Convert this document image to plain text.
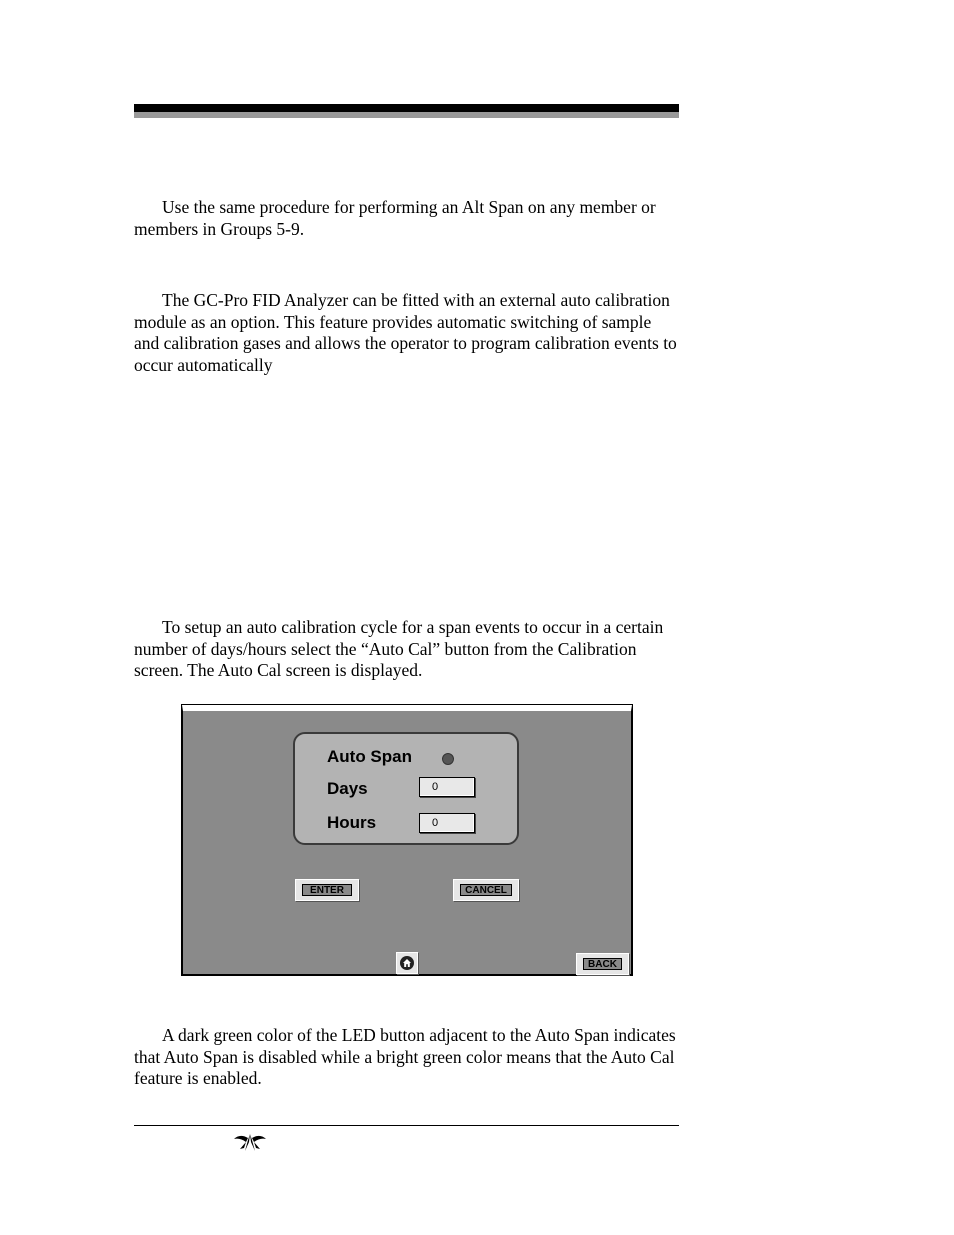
Use the same procedure for performing an Alt Span on any member or members in Groups 5-9.

The GC-Pro FID Analyzer can be fitted with an external auto calibration module as an option. This feature provides automatic switching of sample and calibration gases and allows the operator to program calibration events to occur automatically

To setup an auto calibration cycle for a span events to occur in a certain number of days/hours select the “Auto Cal” button from the Calibration screen. The Auto Cal screen is displayed.

Auto Span
Days	0
Hours	0
ENTER	CANCEL
BACK

A dark green color of the LED button adjacent to the Auto Span indicates that Auto Span is disabled while a bright green color means that the Auto Cal feature is enabled.
